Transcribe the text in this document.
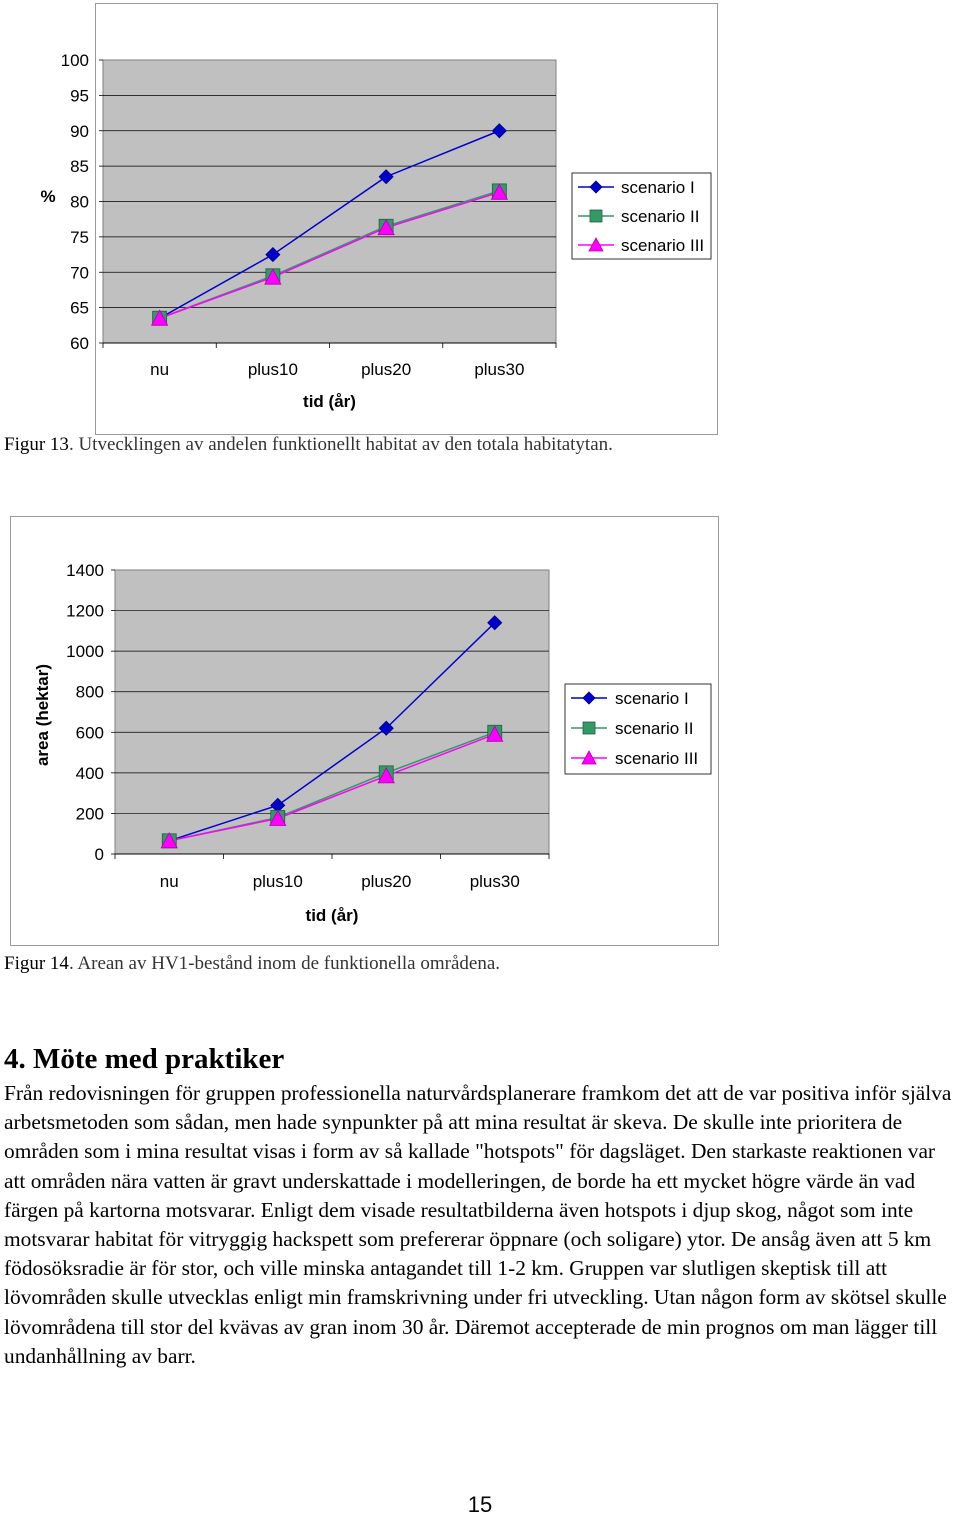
60
65
70
75
80
85
90
95
100
nu	plus10	plus20	plus30
tid (år)
%	scenario I
scenario II
scenario III
Figur 13. Utvecklingen av andelen funktionellt habitat av den totala habitatytan.
0
200
400
600
800
1000
1200
1400
nu	plus10	plus20	plus30
tid (år)
area (hektar)	scenario I
scenario II
scenario III
Figur 14. Arean av HV1-bestånd inom de funktionella områdena.
4. Möte med praktiker

Från redovisningen för gruppen professionella naturvårdsplanerare framkom det att de var positiva inför själva arbetsmetoden som sådan, men hade synpunkter på att mina resultat är skeva. De skulle inte prioritera de områden som i mina resultat visas i form av så kallade "hotspots" för dagsläget. Den starkaste reaktionen var att områden nära vatten är gravt underskattade i modelleringen, de borde ha ett mycket högre värde än vad färgen på kartorna motsvarar. Enligt dem visade resultatbilderna även hotspots i djup skog, något som inte motsvarar habitat för vitryggig hackspett som prefererar öppnare (och soligare) ytor. De ansåg även att 5 km födosöksradie är för stor, och ville minska antagandet till 1-2 km. Gruppen var slutligen skeptisk till att lövområden skulle utvecklas enligt min framskrivning under fri utveckling. Utan någon form av skötsel skulle lövområdena till stor del kvävas av gran inom 30 år. Däremot accepterade de min prognos om man lägger till undanhållning av barr.

15
